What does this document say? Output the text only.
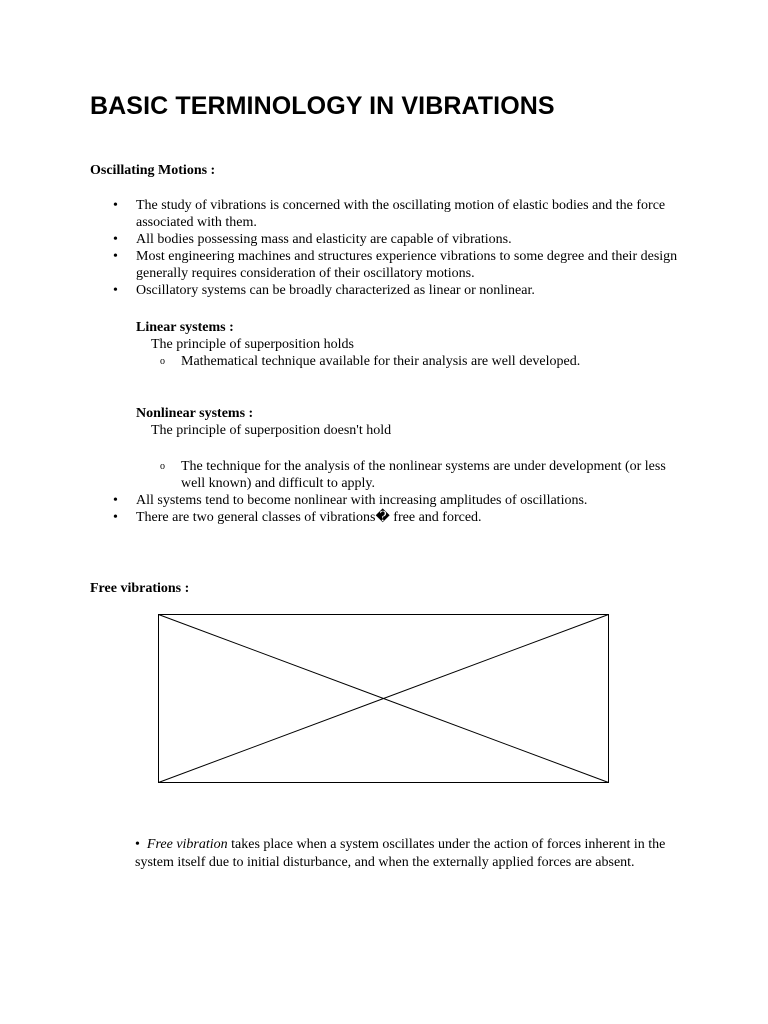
BASIC TERMINOLOGY IN VIBRATIONS

Oscillating Motions :

• The study of vibrations is concerned with the oscillating motion of elastic bodies and the force associated with them.
• All bodies possessing mass and elasticity are capable of vibrations.
• Most engineering machines and structures experience vibrations to some degree and their design generally requires consideration of their oscillatory motions.
• Oscillatory systems can be broadly characterized as linear or nonlinear.

Linear systems :

The principle of superposition holds

o Mathematical technique available for their analysis are well developed.

Nonlinear systems :

The principle of superposition doesn't hold

o The technique for the analysis of the nonlinear systems are under development (or less well known) and difficult to apply.
• All systems tend to become nonlinear with increasing amplitudes of oscillations.
• There are two general classes of vibrations� free and forced.

Free vibrations :

• Free vibration takes place when a system oscillates under the action of forces inherent in the system itself due to initial disturbance, and when the externally applied forces are absent.
